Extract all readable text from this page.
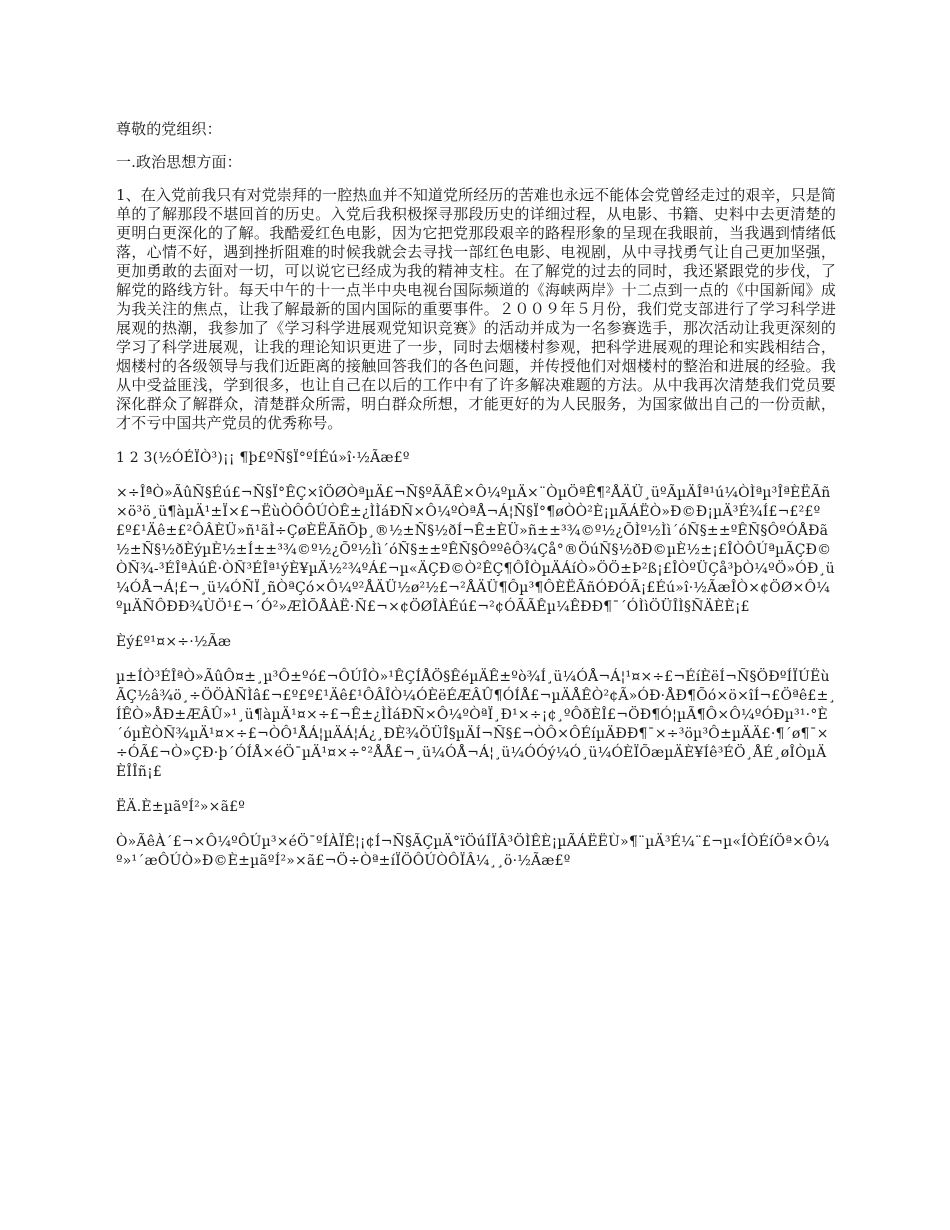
尊敬的党组织：

一.政治思想方面：

1、在入党前我只有对党崇拜的一腔热血并不知道党所经历的苦难也永远不能体会党曾经走过的艰辛，只是简单的了解那段不堪回首的历史。入党后我积极探寻那段历史的详细过程，从电影、书籍、史料中去更清楚的更明白更深化的了解。我酷爱红色电影，因为它把党那段艰辛的路程形象的呈现在我眼前，当我遇到情绪低落，心情不好，遇到挫折阻难的时候我就会去寻找一部红色电影、电视剧，从中寻找勇气让自己更加坚强，更加勇敢的去面对一切，可以说它已经成为我的精神支柱。在了解党的过去的同时，我还紧跟党的步伐，了解党的路线方针。每天中午的十一点半中央电视台国际频道的《海峡两岸》十二点到一点的《中国新闻》成为我关注的焦点，让我了解最新的国内国际的重要事件。２００９年５月份，我们党支部进行了学习科学进展观的热潮，我参加了《学习科学进展观党知识竞赛》的活动并成为一名参赛选手，那次活动让我更深刻的学习了科学进展观，让我的理论知识更进了一步，同时去烟楼村参观，把科学进展观的理论和实践相结合，烟楼村的各级领导与我们近距离的接触回答我们的各色问题，并传授他们对烟楼村的整治和进展的经验。我从中受益匪浅，学到很多，也让自己在以后的工作中有了许多解决难题的方法。从中我再次清楚我们党员要深化群众了解群众，清楚群众所需，明白群众所想，才能更好的为人民服务，为国家做出自己的一份贡献，才不亏中国共产党员的优秀称号。

1 2 3(½ÓÉÏÒ³)¡¡ ¶þ£ºÑ§Ï°ºÍÉú»î·½Ãæ£º

×÷Îª̂Ò»ÃûÑ§Éú£¬Ñ§Ï°ÊÇ×îÖØÒªµÄ£¬Ñ§ºÃÃÊ×Ô¼ºµÄ×¨ÒµÖªÊ¶²ÅÄÜ¸üºÃµÄÎª¹ú¼ÒÌªµ³ÎªÈËÃñ×ö³ö¸ü¶àµÄ¹±Ï×£¬ËùÒÔÔÚÒÊ±¿ÌÌáÐÑ×Ô¼ºÒªÅ¬Á¦Ñ§Ï°¶øÒÒ²È¡µÃÁËÒ»Ð©Ð¡µÄ³É¾Í£¬£²£º£º£¹Äê±£²ÔÂÈÜ»ñ¹ãÌ÷ÇøÈËÃñÕþ¸®½±Ñ§½ðÍ¬Ê±ÈÜ»ñ±±³¾©º½¿ÕÌº½Ìì´óÑ§±±ºÊÑ§ÔºÓÅÐã½±Ñ§½ðÈýµÈ½±Í±±³¾©º½¿Õº½Ìì´óÑ§±±ºÊÑ§ÔººêÔ¾Çå°®ÖúÑ§½ðÐ©µÈ½±¡£ÎÒÔÚªµÃÇÐ©ÒÑ¾-³ÉÎªÀúÊ·ÒÑ³ÉÎª¹ýÈ¥µÄ½²¾ºÁ£¬µ«ÄÇÐ©Ò²ÊÇ¶ÔÎÒµÄÁíÒ»ÖÖ±Þ²ß¡£ÎÒºÜÇå³þÒ¼ºÖ»ÓÐ¸ü¼ÓÅ¬Á¦£¬¸ü¼ÓÑÏ¸ñÒªÇó×Ô¼º²ÅÄÜ½ø²½£¬²ÅÄÜ¶Ôµ³¶ÔÈËÃñÓÐÓÃ¡£Éú»î·½ÃæÎÒ×¢ÖØ×Ô¼ºµÄÑÔÐÐ¾ÙÖ¹£¬´Ó²»ÆÌÕÅÀË·Ñ£¬×¢ÖØÎÀÉú£¬²¢ÓÃÃÊµ¼ÊÐÐ¶¯´ÓÌìÖÜÎÌ§ÑÄÈÈ¡£

Èý£º¹¤×÷·½Ãæ

µ±ÍÒ³ÉÎªÒ»ÃûÔ¤±¸µ³Ô±ºó£¬ÔÚÎÒ»¹ÊÇÍÅÖ§ÊéµÄÊ±ºò¾Í¸ü¼ÓÅ¬Á¦¹¤×÷£¬ÉíÈëÍ¬Ñ§ÖÐºÍÏÚËùÃÇ½â¾ö¸÷ÖÖÀÑÌâ£¬£º£º£¹Äê£¹ÔÂÎÒ¼ÓÈëÉÆÂÛ¶ÓÍÅ£¬µÄÅÊÒ²¢Ã»ÓÐ·ÅÐ¶Õó×ö×îÍ¬£Öªê£±¸ÍÊÒ»ÅÐ±ÆÂÛ»¹¸ü¶àµÄ¹¤×÷£¬Ê±¿ÌÌáÐÑ×Ô¼ºÒªÏ¸Ð¹×÷¡¢¸ºÔðÈÎ£¬ÖÐ¶Ó¦µÃ¶Ô×Ô¼ºÓÐµ³¹·°È´óµÈÒÑ¾µÄ¹¤×÷£¬ÒÔ¹ÅÁ¦µÄÁ¦Á¿¸ÐÈ¾ÖÜÎ§µÄÍ¬Ñ§£¬ÒÔ×ÔÉíµÄÐÐ¶¯×÷³öµ³Ô±µÄÄ£·¶´ø¶¯×÷ÓÃ£¬Ò»ÇÐ·þ´ÓÍÅ×éÖ¯µÄ¹¤×÷°²ÅÅ£¬¸ü¼ÓÅ¬Á¦¸ü¼ÓÓý¼Ó¸ü¼ÓÈÏÕæµÄÈ¥Íê³ÉÖ¸ÅÉ¸øÎÒµÄÈÎÎñ¡£

ËÄ.È±µãºÍ²»×ã£º

Ò»ÃêÀ´£¬×Ô¼ºÔÚµ³×éÖ¯ºÍÀÏÊ¦¡¢Í¬Ñ§ÃÇµÄ°ïÖúÍÏÂ³ÖÌÊÈ¡µÃÁËËÙ»¶¨µÄ³É¼¨£¬µ«ÍÒÉíÖª×Ô¼º»¹´æÔÚÒ»Ð©È±µãºÍ²»×ã£¬Ö÷Òª±íÏÖÔÚÒÔÏÂ¼¸¸ö·½Ãæ£º
